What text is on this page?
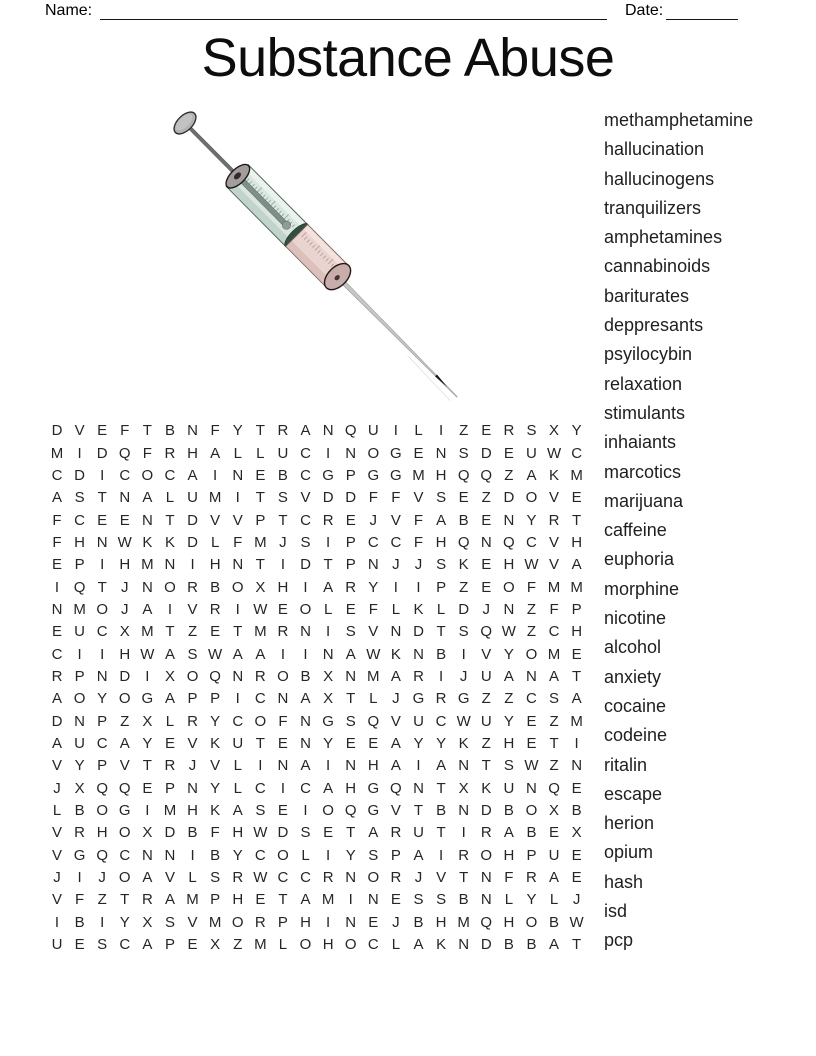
Name:	Date:
Substance Abuse
methamphetamine
hallucination
hallucinogens
tranquilizers
amphetamines
cannabinoids
bariturates
deppresants
psyilocybin
relaxation
stimulants
inhaiants
marcotics
marijuana
caffeine
euphoria
morphine
nicotine
alcohol
anxiety
cocaine
codeine
ritalin
escape
herion
opium
hash
isd
pcp
D V E F T B N F Y T R A N Q U	I	L	I	Z E R S X Y
M I	D Q F R H A L L U C	I	N O G E N S D E U W C
C D	I	C O C A	I	N E B C G P G G M H Q Q Z A K M
A S T N A L U M I	T S V D D F F V S E Z D O V E
F C E E N T D V V P T C R E J V F A B E N Y R T
F H N W K K D L F M J S	I	P C C F H Q N Q C V H
E P	I	H M N	I	H N T	I	D T P N J	J S K E H W V A
I Q T J N O R B O X H	I	A R Y	I	I	P Z E O F M M
N M O J A	I	V R	I W E O L E F L K L D J N Z F P
E U C X M T Z E T M R N	I	S V N D T S Q W Z C H
C	I	I	H W A S W A A	I	I	N A W K N B	I	V Y O M E
R P N D	I	X O Q N R O B X N M A R	I	J U A N A T
A O Y O G A P P	I	C N A X T L J G R G Z Z C S A
D N P Z X L R Y C O F N G S Q V U C W U Y E Z M
A U C A Y E V K U T E N Y E E A Y Y K Z H E T	I
V Y P V T R J V L	I	N A	I	N H A	I	A N T S W Z N
J X Q Q E P N Y L C	I	C A H G Q N T X K U N Q E
L B O G I M H K A S E	I O Q G V T B N D B O X B
V R H O X D B F H W D S E T A R U T	I	R A B E X
V G Q C N N	I	B Y C O L	I	Y S P A	I	R O H P U E
J	I	J O A V L S R W C C R N O R J V T N F R A E
V F Z T R A M P H E T A M I	N E S S B N L Y L J
I	B	I	Y X S V M O R P H	I	N E J B H M Q H O B W
U E S C A P E X Z M L O H O C L A K N D B B A T
